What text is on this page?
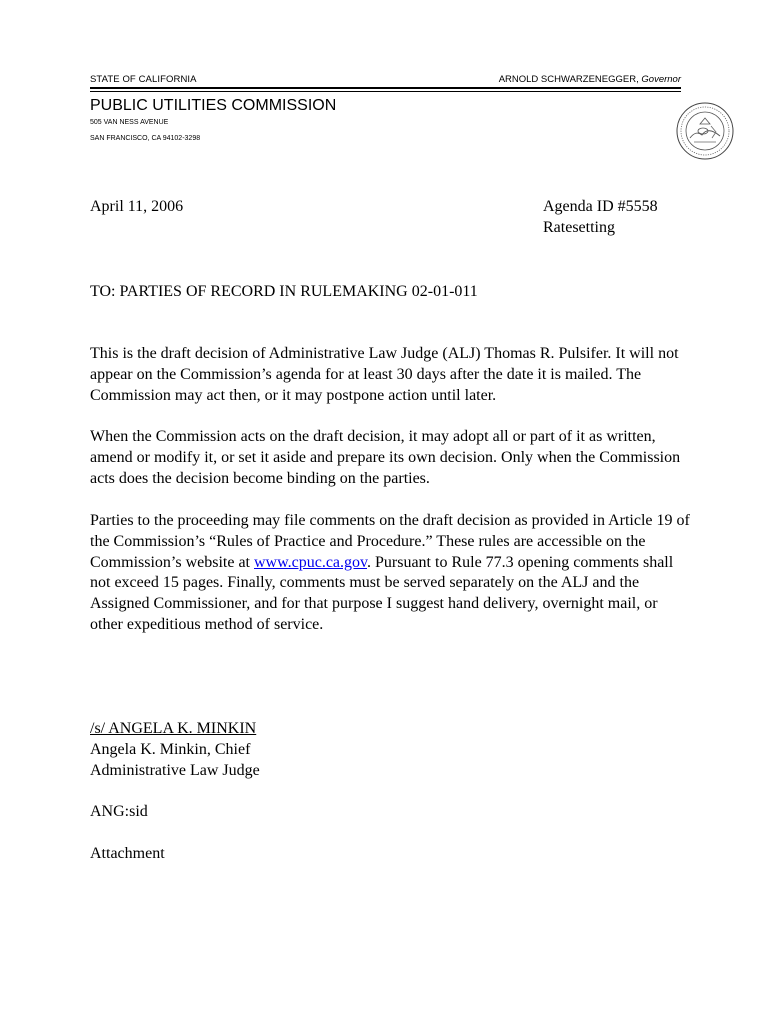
STATE OF CALIFORNIA	ARNOLD SCHWARZENEGGER, Governor
PUBLIC UTILITIES COMMISSION
505 VAN NESS AVENUE
SAN FRANCISCO, CA 94102-3298
April 11, 2006	Agenda ID #5558
Ratesetting
TO: PARTIES OF RECORD IN RULEMAKING 02-01-011

This is the draft decision of Administrative Law Judge (ALJ) Thomas R. Pulsifer. It will not appear on the Commission’s agenda for at least 30 days after the date it is mailed. The Commission may act then, or it may postpone action until later.

When the Commission acts on the draft decision, it may adopt all or part of it as written, amend or modify it, or set it aside and prepare its own decision. Only when the Commission acts does the decision become binding on the parties.

Parties to the proceeding may file comments on the draft decision as provided in Article 19 of the Commission’s “Rules of Practice and Procedure.” These rules are accessible on the Commission’s website at www.cpuc.ca.gov. Pursuant to Rule 77.3 opening comments shall not exceed 15 pages. Finally, comments must be served separately on the ALJ and the Assigned Commissioner, and for that purpose I suggest hand delivery, overnight mail, or other expeditious method of service.

/s/ ANGELA K. MINKIN
Angela K. Minkin, Chief
Administrative Law Judge
ANG:sid
Attachment
